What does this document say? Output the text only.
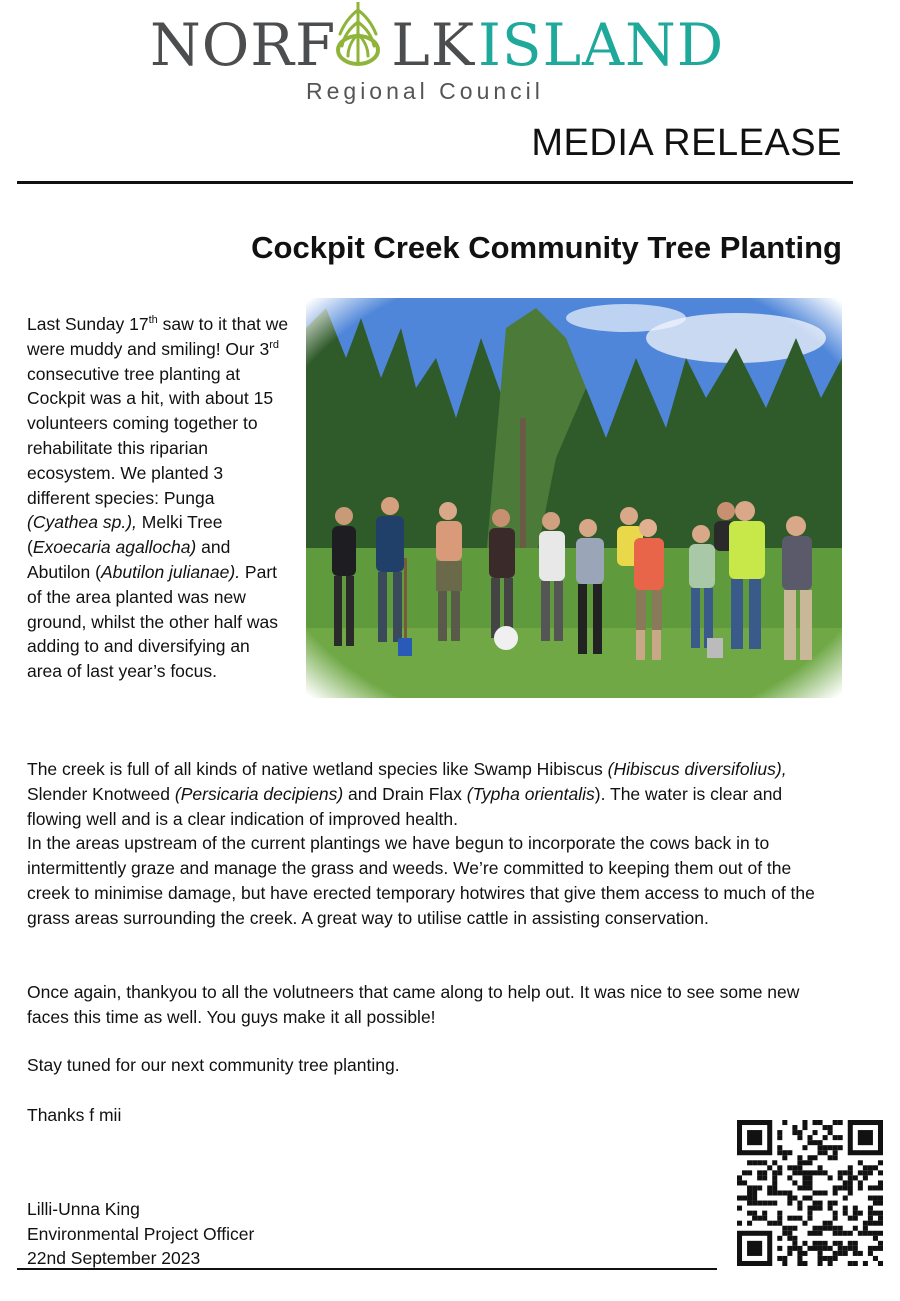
NORF LK ISLAND
Regional Council
MEDIA RELEASE
Cockpit Creek Community Tree Planting
Last Sunday 17th saw to it that we were muddy and smiling! Our 3rd consecutive tree planting at Cockpit was a hit, with about 15 volunteers coming together to rehabilitate this riparian ecosystem. We planted 3 different species: Punga (Cyathea sp.), Melki Tree (Exoecaria agallocha) and Abutilon (Abutilon julianae). Part of the area planted was new ground, whilst the other half was adding to and diversifying an area of last year’s focus.
The creek is full of all kinds of native wetland species like Swamp Hibiscus (Hibiscus diversifolius), Slender Knotweed (Persicaria decipiens) and Drain Flax (Typha orientalis). The water is clear and flowing well and is a clear indication of improved health.
In the areas upstream of the current plantings we have begun to incorporate the cows back in to intermittently graze and manage the grass and weeds. We’re committed to keeping them out of the creek to minimise damage, but have erected temporary hotwires that give them access to much of the grass areas surrounding the creek. A great way to utilise cattle in assisting conservation.
Once again, thankyou to all the volutneers that came along to help out. It was nice to see some new faces this time as well. You guys make it all possible!
Stay tuned for our next community tree planting.
Thanks f mii
Lilli-Unna King
Environmental Project Officer
22nd September 2023
